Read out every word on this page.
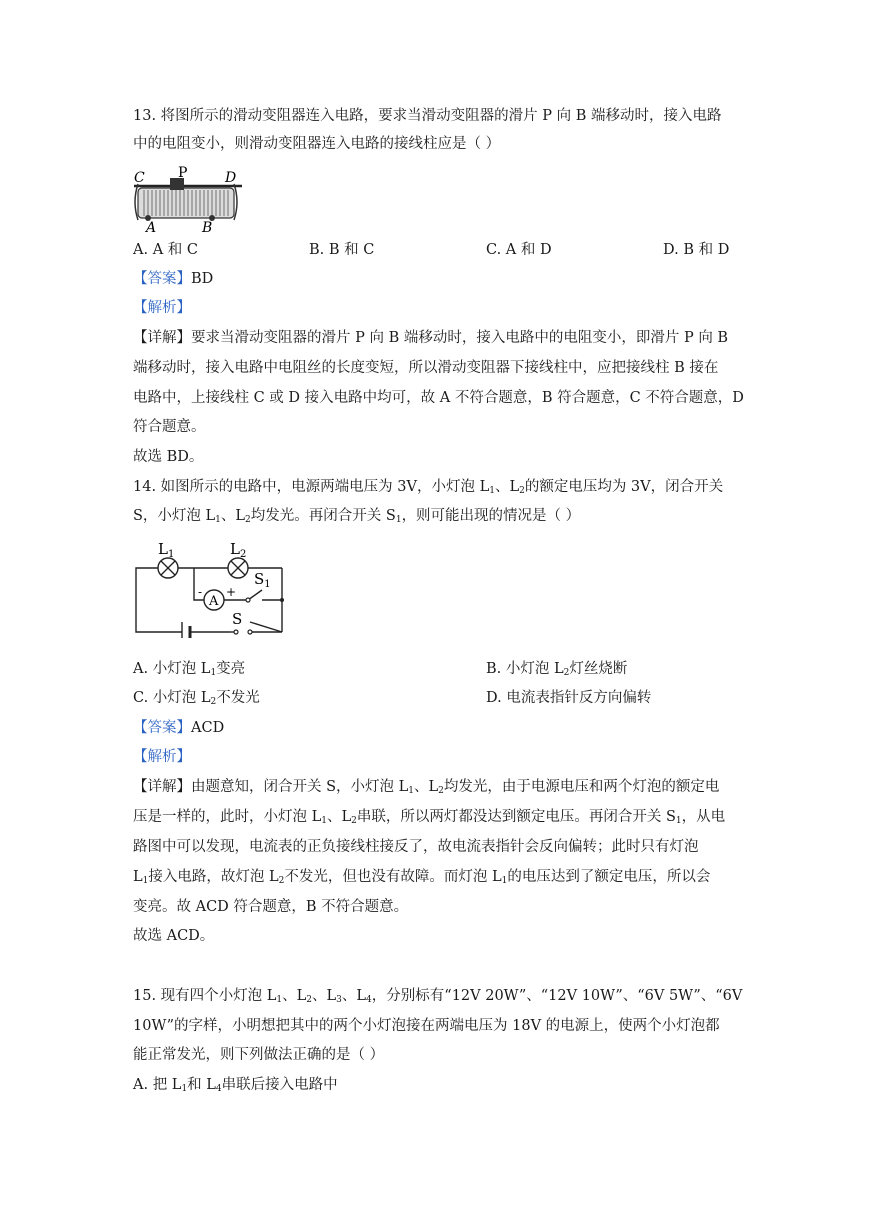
13. 将图所示的滑动变阻器连入电路，要求当滑动变阻器的滑片 P 向 B 端移动时，接入电路
中的电阻变小，则滑动变阻器连入电路的接线柱应是（ ）
C P	D
A	B
A. A 和 C	B. B 和 C	C. A 和 D	D. B 和 D
【答案】BD
【解析】
【详解】要求当滑动变阻器的滑片 P 向 B 端移动时，接入电路中的电阻变小，即滑片 P 向 B
端移动时，接入电路中电阻丝的长度变短，所以滑动变阻器下接线柱中，应把接线柱 B 接在
电路中，上接线柱 C 或 D 接入电路中均可，故 A 不符合题意，B 符合题意，C 不符合题意，D
符合题意。
故选 BD。
14. 如图所示的电路中，电源两端电压为 3V，小灯泡 $L_1$、$L_2$的额定电压均为 3V，闭合开关
S，小灯泡 $L_1$、$L_2$均发光。再闭合开关 $S_1$，则可能出现的情况是（ ）
A
- +
$L_1$	$L_2$
$S_1$
S
A. 小灯泡 $L_1$变亮	B. 小灯泡 $L_2$灯丝烧断
C. 小灯泡 $L_2$不发光	D. 电流表指针反方向偏转
【答案】ACD
【解析】
【详解】由题意知，闭合开关 S，小灯泡 $L_1$、$L_2$均发光，由于电源电压和两个灯泡的额定电
压是一样的，此时，小灯泡 $L_1$、$L_2$串联，所以两灯都没达到额定电压。再闭合开关 $S_1$，从电
路图中可以发现，电流表的正负接线柱接反了，故电流表指针会反向偏转；此时只有灯泡
$L_1$接入电路，故灯泡 $L_2$不发光，但也没有故障。而灯泡 $L_1$的电压达到了额定电压，所以会
变亮。故 ACD 符合题意，B 不符合题意。
故选 ACD。
15. 现有四个小灯泡 $L_1$、$L_2$、$L_3$、$L_4$，分别标有“12V 20W”、“12V 10W”、“6V 5W”、“6V
10W”的字样，小明想把其中的两个小灯泡接在两端电压为 18V 的电源上，使两个小灯泡都
能正常发光，则下列做法正确的是（ ）
A. 把 $L_1$和 $L_4$串联后接入电路中
